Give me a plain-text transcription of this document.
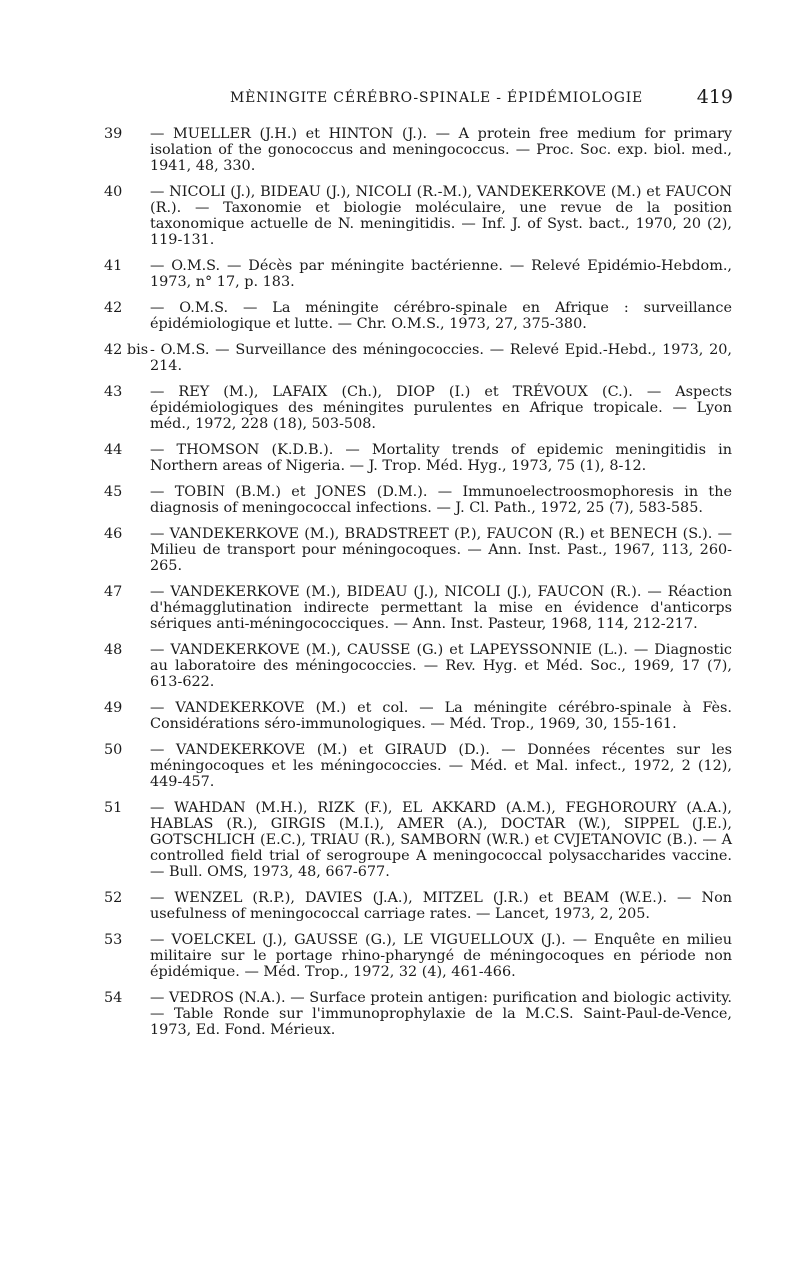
MÈNINGITE CÉRÉBRO-SPINALE - ÉPIDÉMIOLOGIE	419
39 — MUELLER (J.H.) et HINTON (J.). — A protein free medium for primary isolation of the gonococcus and meningococcus. — Proc. Soc. exp. biol. med., 1941, 48, 330.
40 — NICOLI (J.), BIDEAU (J.), NICOLI (R.-M.), VANDEKERKOVE (M.) et FAUCON (R.). — Taxonomie et biologie moléculaire, une revue de la position taxonomique actuelle de N. meningitidis. — Inf. J. of Syst. bact., 1970, 20 (2), 119-131.
41 — O.M.S. — Décès par méningite bactérienne. — Relevé Epidémio-Hebdom., 1973, n° 17, p. 183.
42 — O.M.S. — La méningite cérébro-spinale en Afrique : surveillance épidémiologique et lutte. — Chr. O.M.S., 1973, 27, 375-380.
42 bis - O.M.S. — Surveillance des méningococcies. — Relevé Epid.-Hebd., 1973, 20, 214.
43 — REY (M.), LAFAIX (Ch.), DIOP (I.) et TRÉVOUX (C.). — Aspects épidémiologiques des méningites purulentes en Afrique tropicale. — Lyon méd., 1972, 228 (18), 503-508.
44 — THOMSON (K.D.B.). — Mortality trends of epidemic meningitidis in Northern areas of Nigeria. — J. Trop. Méd. Hyg., 1973, 75 (1), 8-12.
45 — TOBIN (B.M.) et JONES (D.M.). — Immunoelectroosmophoresis in the diagnosis of meningococcal infections. — J. Cl. Path., 1972, 25 (7), 583-585.
46 — VANDEKERKOVE (M.), BRADSTREET (P.), FAUCON (R.) et BENECH (S.). — Milieu de transport pour méningocoques. — Ann. Inst. Past., 1967, 113, 260-265.
47 — VANDEKERKOVE (M.), BIDEAU (J.), NICOLI (J.), FAUCON (R.). — Réaction d'hémagglutination indirecte permettant la mise en évidence d'anticorps sériques anti-méningococciques. — Ann. Inst. Pasteur, 1968, 114, 212-217.
48 — VANDEKERKOVE (M.), CAUSSE (G.) et LAPEYSSONNIE (L.). — Diagnostic au laboratoire des méningococcies. — Rev. Hyg. et Méd. Soc., 1969, 17 (7), 613-622.
49 — VANDEKERKOVE (M.) et col. — La méningite cérébro-spinale à Fès. Considérations séro-immunologiques. — Méd. Trop., 1969, 30, 155-161.
50 — VANDEKERKOVE (M.) et GIRAUD (D.). — Données récentes sur les méningocoques et les méningococcies. — Méd. et Mal. infect., 1972, 2 (12), 449-457.
51 — WAHDAN (M.H.), RIZK (F.), EL AKKARD (A.M.), FEGHOROURY (A.A.), HABLAS (R.), GIRGIS (M.I.), AMER (A.), DOCTAR (W.), SIPPEL (J.E.), GOTSCHLICH (E.C.), TRIAU (R.), SAMBORN (W.R.) et CVJETANOVIC (B.). — A controlled field trial of serogroupe A meningococcal polysaccharides vaccine. — Bull. OMS, 1973, 48, 667-677.
52 — WENZEL (R.P.), DAVIES (J.A.), MITZEL (J.R.) et BEAM (W.E.). — Non usefulness of meningococcal carriage rates. — Lancet, 1973, 2, 205.
53 — VOELCKEL (J.), GAUSSE (G.), LE VIGUELLOUX (J.). — Enquête en milieu militaire sur le portage rhino-pharyngé de méningocoques en période non épidémique. — Méd. Trop., 1972, 32 (4), 461-466.
54 — VEDROS (N.A.). — Surface protein antigen: purification and biologic activity. — Table Ronde sur l'immunoprophylaxie de la M.C.S. Saint-Paul-de-Vence, 1973, Ed. Fond. Mérieux.
